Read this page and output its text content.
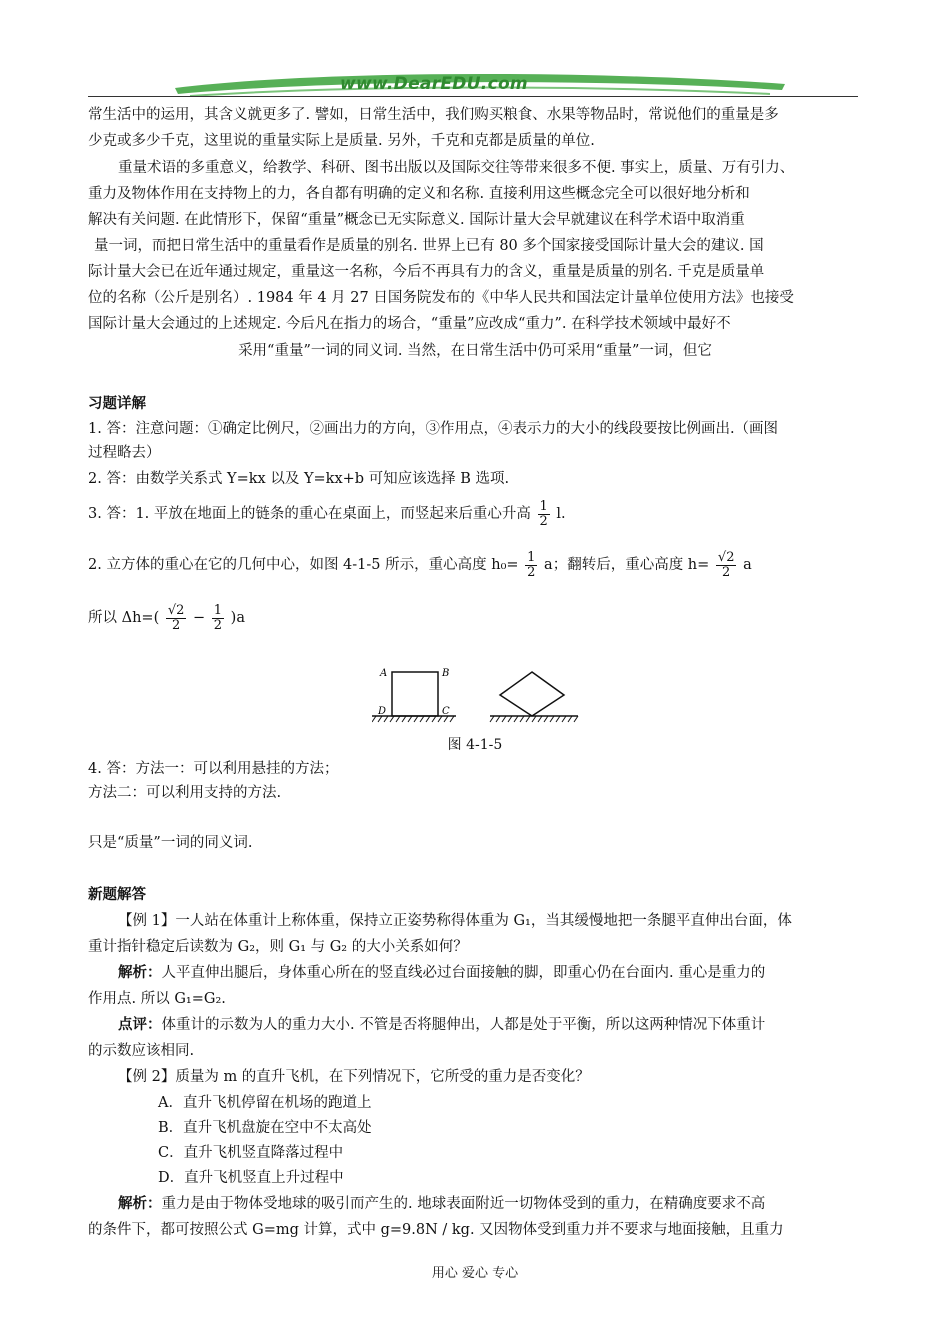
www.DearEDU.com
常生活中的运用，其含义就更多了. 譬如，日常生活中，我们购买粮食、水果等物品时，常说他们的重量是多
少克或多少千克，这里说的重量实际上是质量. 另外，千克和克都是质量的单位.
重量术语的多重意义，给教学、科研、图书出版以及国际交往等带来很多不便. 事实上，质量、万有引力、
重力及物体作用在支持物上的力，各自都有明确的定义和名称. 直接利用这些概念完全可以很好地分析和
解决有关问题. 在此情形下，保留“重量”概念已无实际意义. 国际计量大会早就建议在科学术语中取消重
量一词，而把日常生活中的重量看作是质量的别名. 世界上已有 80 多个国家接受国际计量大会的建议. 国
际计量大会已在近年通过规定，重量这一名称，今后不再具有力的含义，重量是质量的别名. 千克是质量单
位的名称（公斤是别名）. 1984 年 4 月 27 日国务院发布的《中华人民共和国法定计量单位使用方法》也接受
国际计量大会通过的上述规定. 今后凡在指力的场合，“重量”应改成“重力”. 在科学技术领域中最好不
采用“重量”一词的同义词. 当然，在日常生活中仍可采用“重量”一词，但它
习题详解
1. 答：注意问题：①确定比例尺，②画出力的方向，③作用点，④表示力的大小的线段要按比例画出.（画图
过程略去）
2. 答：由数学关系式 Y=kx 以及 Y=kx+b 可知应该选择 B 选项.
3. 答：1. 平放在地面上的链条的重心在桌面上，而竖起来后重心升高 $\frac{1}{2} l$.
2. 立方体的重心在它的几何中心，如图 4-1-5 所示，重心高度 $h_0= \frac{1}{2}$ a；翻转后，重心高度 $h= \frac{√2}{2}$ a
所以 $\Delta h=( \frac{√2}{2} - \frac{1}{2} )a$
A	B
C
D
图 4-1-5
4. 答：方法一：可以利用悬挂的方法；
方法二：可以利用支持的方法.
只是“质量”一词的同义词.
新题解答
【例 1】一人站在体重计上称体重，保持立正姿势称得体重为 G₁，当其缓慢地把一条腿平直伸出台面，体
重计指针稳定后读数为 G₂，则 G₁ 与 G₂ 的大小关系如何？
解析：人平直伸出腿后，身体重心所在的竖直线必过台面接触的脚，即重心仍在台面内. 重心是重力的
作用点. 所以 G₁=G₂.
点评：体重计的示数为人的重力大小. 不管是否将腿伸出，人都是处于平衡，所以这两种情况下体重计
的示数应该相同.
【例 2】质量为 m 的直升飞机，在下列情况下，它所受的重力是否变化？
A．直升飞机停留在机场的跑道上
B．直升飞机盘旋在空中不太高处
C．直升飞机竖直降落过程中
D．直升飞机竖直上升过程中
解析：重力是由于物体受地球的吸引而产生的. 地球表面附近一切物体受到的重力，在精确度要求不高
的条件下，都可按照公式 G=mg 计算，式中 g=9.8N / kg. 又因物体受到重力并不要求与地面接触，且重力
用心 爱心 专心
